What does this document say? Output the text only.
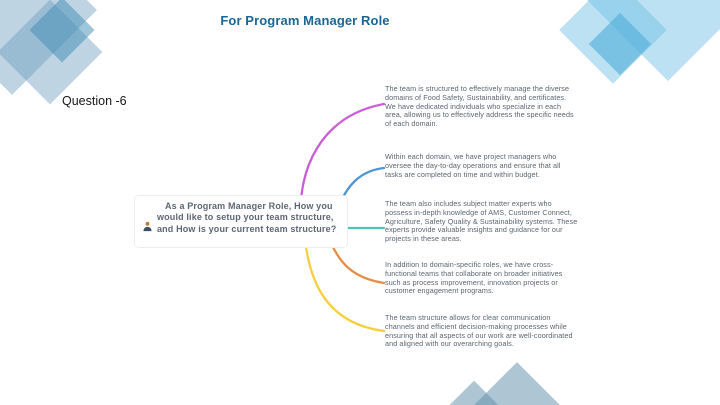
For Program Manager Role
Question -6
As a Program Manager Role, How you would like to setup your team structure, and How is your current team structure?
The team is structured to effectively manage the diverse domains of Food Safety, Sustainability, and certificates. We have dedicated individuals who specialize in each area, allowing us to effectively address the specific needs of each domain.
Within each domain, we have project managers who oversee the day-to-day operations and ensure that all tasks are completed on time and within budget.
The team also includes subject matter experts who possess in-depth knowledge of AMS, Customer Connect, Agriculture, Safety Quality & Sustainability systems. These experts provide valuable insights and guidance for our projects in these areas.
In addition to domain-specific roles, we have cross-functional teams that collaborate on broader initiatives such as process improvement, innovation projects or customer engagement programs.
The team structure allows for clear communication channels and efficient decision-making processes while ensuring that all aspects of our work are well-coordinated and aligned with our overarching goals.
